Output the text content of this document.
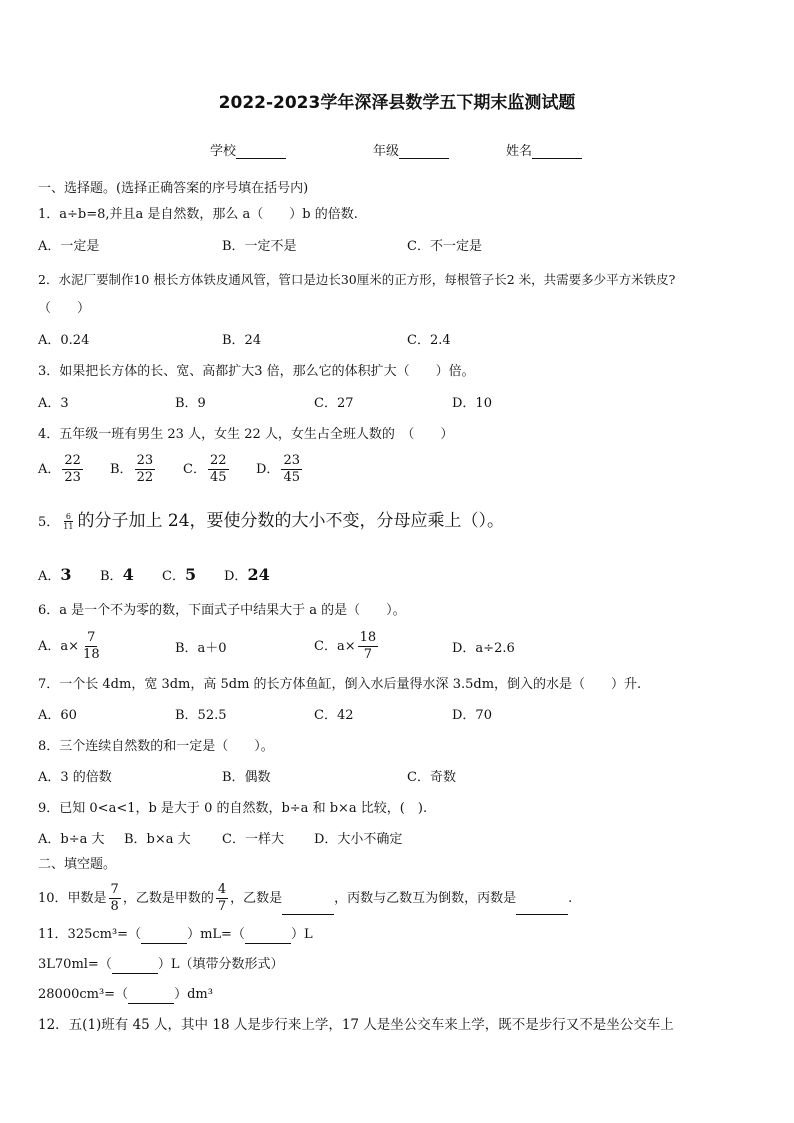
2022-2023学年深泽县数学五下期末监测试题
学校	年级	姓名
一、选择题。(选择正确答案的序号填在括号内)
1．a÷b=8,并且a 是自然数，那么 a（　　）b 的倍数.
A．一定是	B．一定不是	C．不一定是
2．水泥厂要制作10 根长方体铁皮通风管，管口是边长30厘米的正方形，每根管子长2 米，共需要多少平方米铁皮?
（　　）
A．0.24	B．24	C．2.4
3．如果把长方体的长、宽、高都扩大3 倍，那么它的体积扩大（　　）倍。
A．3	B．9	C．27	D．10
4．五年级一班有男生 23 人，女生 22 人，女生占全班人数的　（　　）
A． $\frac{22}{23}$ B． $\frac{23}{22}$ C． $\frac{22}{45}$ D． $\frac{23}{45}$
5． $\frac{6}{11}$ 的分子加上 24，要使分数的大小不变，分母应乘上（）。
A．3 B．4 C．5 D．24
6．a 是一个不为零的数，下面式子中结果大于 a 的是（　　）。
A．$a\times \frac{7}{18}$	B．a＋0	C．$a\times \frac{18}{7}$	D．a÷2.6
7．一个长 4dm，宽 3dm，高 5dm 的长方体鱼缸，倒入水后量得水深 3.5dm，倒入的水是（　　）升.
A．60	B．52.5	C．42	D．70
8．三个连续自然数的和一定是（　　）。
A．3 的倍数	B．偶数	C．奇数
9．已知 0<a<1，b 是大于 0 的自然数，b÷a 和 b×a 比较，(　).
A．b÷a 大 B．b×a 大 C．一样大 D．大小不确定
二、填空题。
10．甲数是 $\frac{7}{8}$ ，乙数是甲数的 $\frac{4}{7}$ ，乙数是	，丙数与乙数互为倒数，丙数是	.
11．325cm³=（	）mL=（	）L
3L70ml=（	）L（填带分数形式）
28000cm³=（	）dm³
12．五(1)班有 45 人，其中 18 人是步行来上学，17 人是坐公交车来上学，既不是步行又不是坐公交车上
